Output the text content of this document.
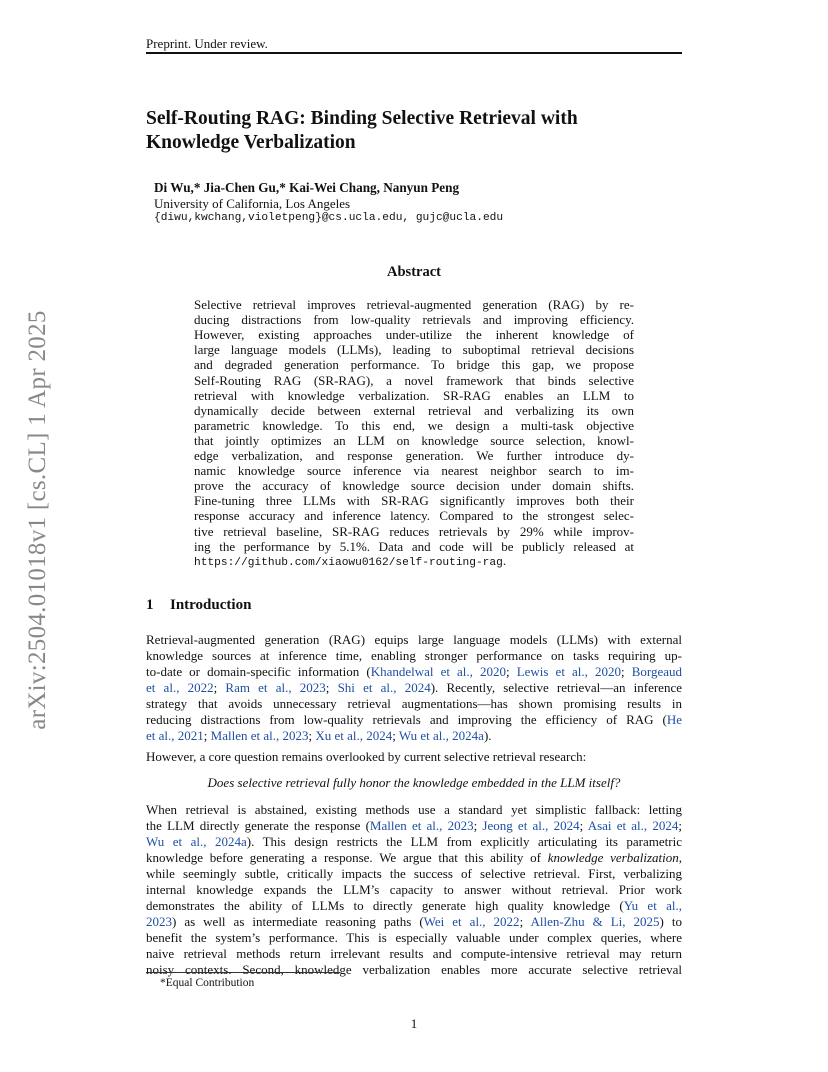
Preprint. Under review.
Self-Routing RAG: Binding Selective Retrieval with
Knowledge Verbalization
Di Wu,* Jia-Chen Gu,* Kai-Wei Chang, Nanyun Peng
University of California, Los Angeles
{diwu,kwchang,violetpeng}@cs.ucla.edu, gujc@ucla.edu
arXiv:2504.01018v1 [cs.CL] 1 Apr 2025
Abstract
Selective retrieval improves retrieval-augmented generation (RAG) by re-
ducing distractions from low-quality retrievals and improving efficiency.
However, existing approaches under-utilize the inherent knowledge of
large language models (LLMs), leading to suboptimal retrieval decisions
and degraded generation performance. To bridge this gap, we propose
Self-Routing RAG (SR-RAG), a novel framework that binds selective
retrieval with knowledge verbalization. SR-RAG enables an LLM to
dynamically decide between external retrieval and verbalizing its own
parametric knowledge. To this end, we design a multi-task objective
that jointly optimizes an LLM on knowledge source selection, knowl-
edge verbalization, and response generation. We further introduce dy-
namic knowledge source inference via nearest neighbor search to im-
prove the accuracy of knowledge source decision under domain shifts.
Fine-tuning three LLMs with SR-RAG significantly improves both their
response accuracy and inference latency. Compared to the strongest selec-
tive retrieval baseline, SR-RAG reduces retrievals by 29% while improv-
ing the performance by 5.1%. Data and code will be publicly released at
https://github.com/xiaowu0162/self-routing-rag.
1 Introduction
Retrieval-augmented generation (RAG) equips large language models (LLMs) with external
knowledge sources at inference time, enabling stronger performance on tasks requiring up-
to-date or domain-specific information (Khandelwal et al., 2020; Lewis et al., 2020; Borgeaud
et al., 2022; Ram et al., 2023; Shi et al., 2024). Recently, selective retrieval—an inference
strategy that avoids unnecessary retrieval augmentations—has shown promising results in
reducing distractions from low-quality retrievals and improving the efficiency of RAG (He
et al., 2021; Mallen et al., 2023; Xu et al., 2024; Wu et al., 2024a).
However, a core question remains overlooked by current selective retrieval research:
Does selective retrieval fully honor the knowledge embedded in the LLM itself?
When retrieval is abstained, existing methods use a standard yet simplistic fallback: letting
the LLM directly generate the response (Mallen et al., 2023; Jeong et al., 2024; Asai et al., 2024;
Wu et al., 2024a). This design restricts the LLM from explicitly articulating its parametric
knowledge before generating a response. We argue that this ability of knowledge verbalization,
while seemingly subtle, critically impacts the success of selective retrieval. First, verbalizing
internal knowledge expands the LLM’s capacity to answer without retrieval. Prior work
demonstrates the ability of LLMs to directly generate high quality knowledge (Yu et al.,
2023) as well as intermediate reasoning paths (Wei et al., 2022; Allen-Zhu & Li, 2025) to
benefit the system’s performance. This is especially valuable under complex queries, where
naive retrieval methods return irrelevant results and compute-intensive retrieval may return
noisy contexts. Second, knowledge verbalization enables more accurate selective retrieval
*Equal Contribution
1
